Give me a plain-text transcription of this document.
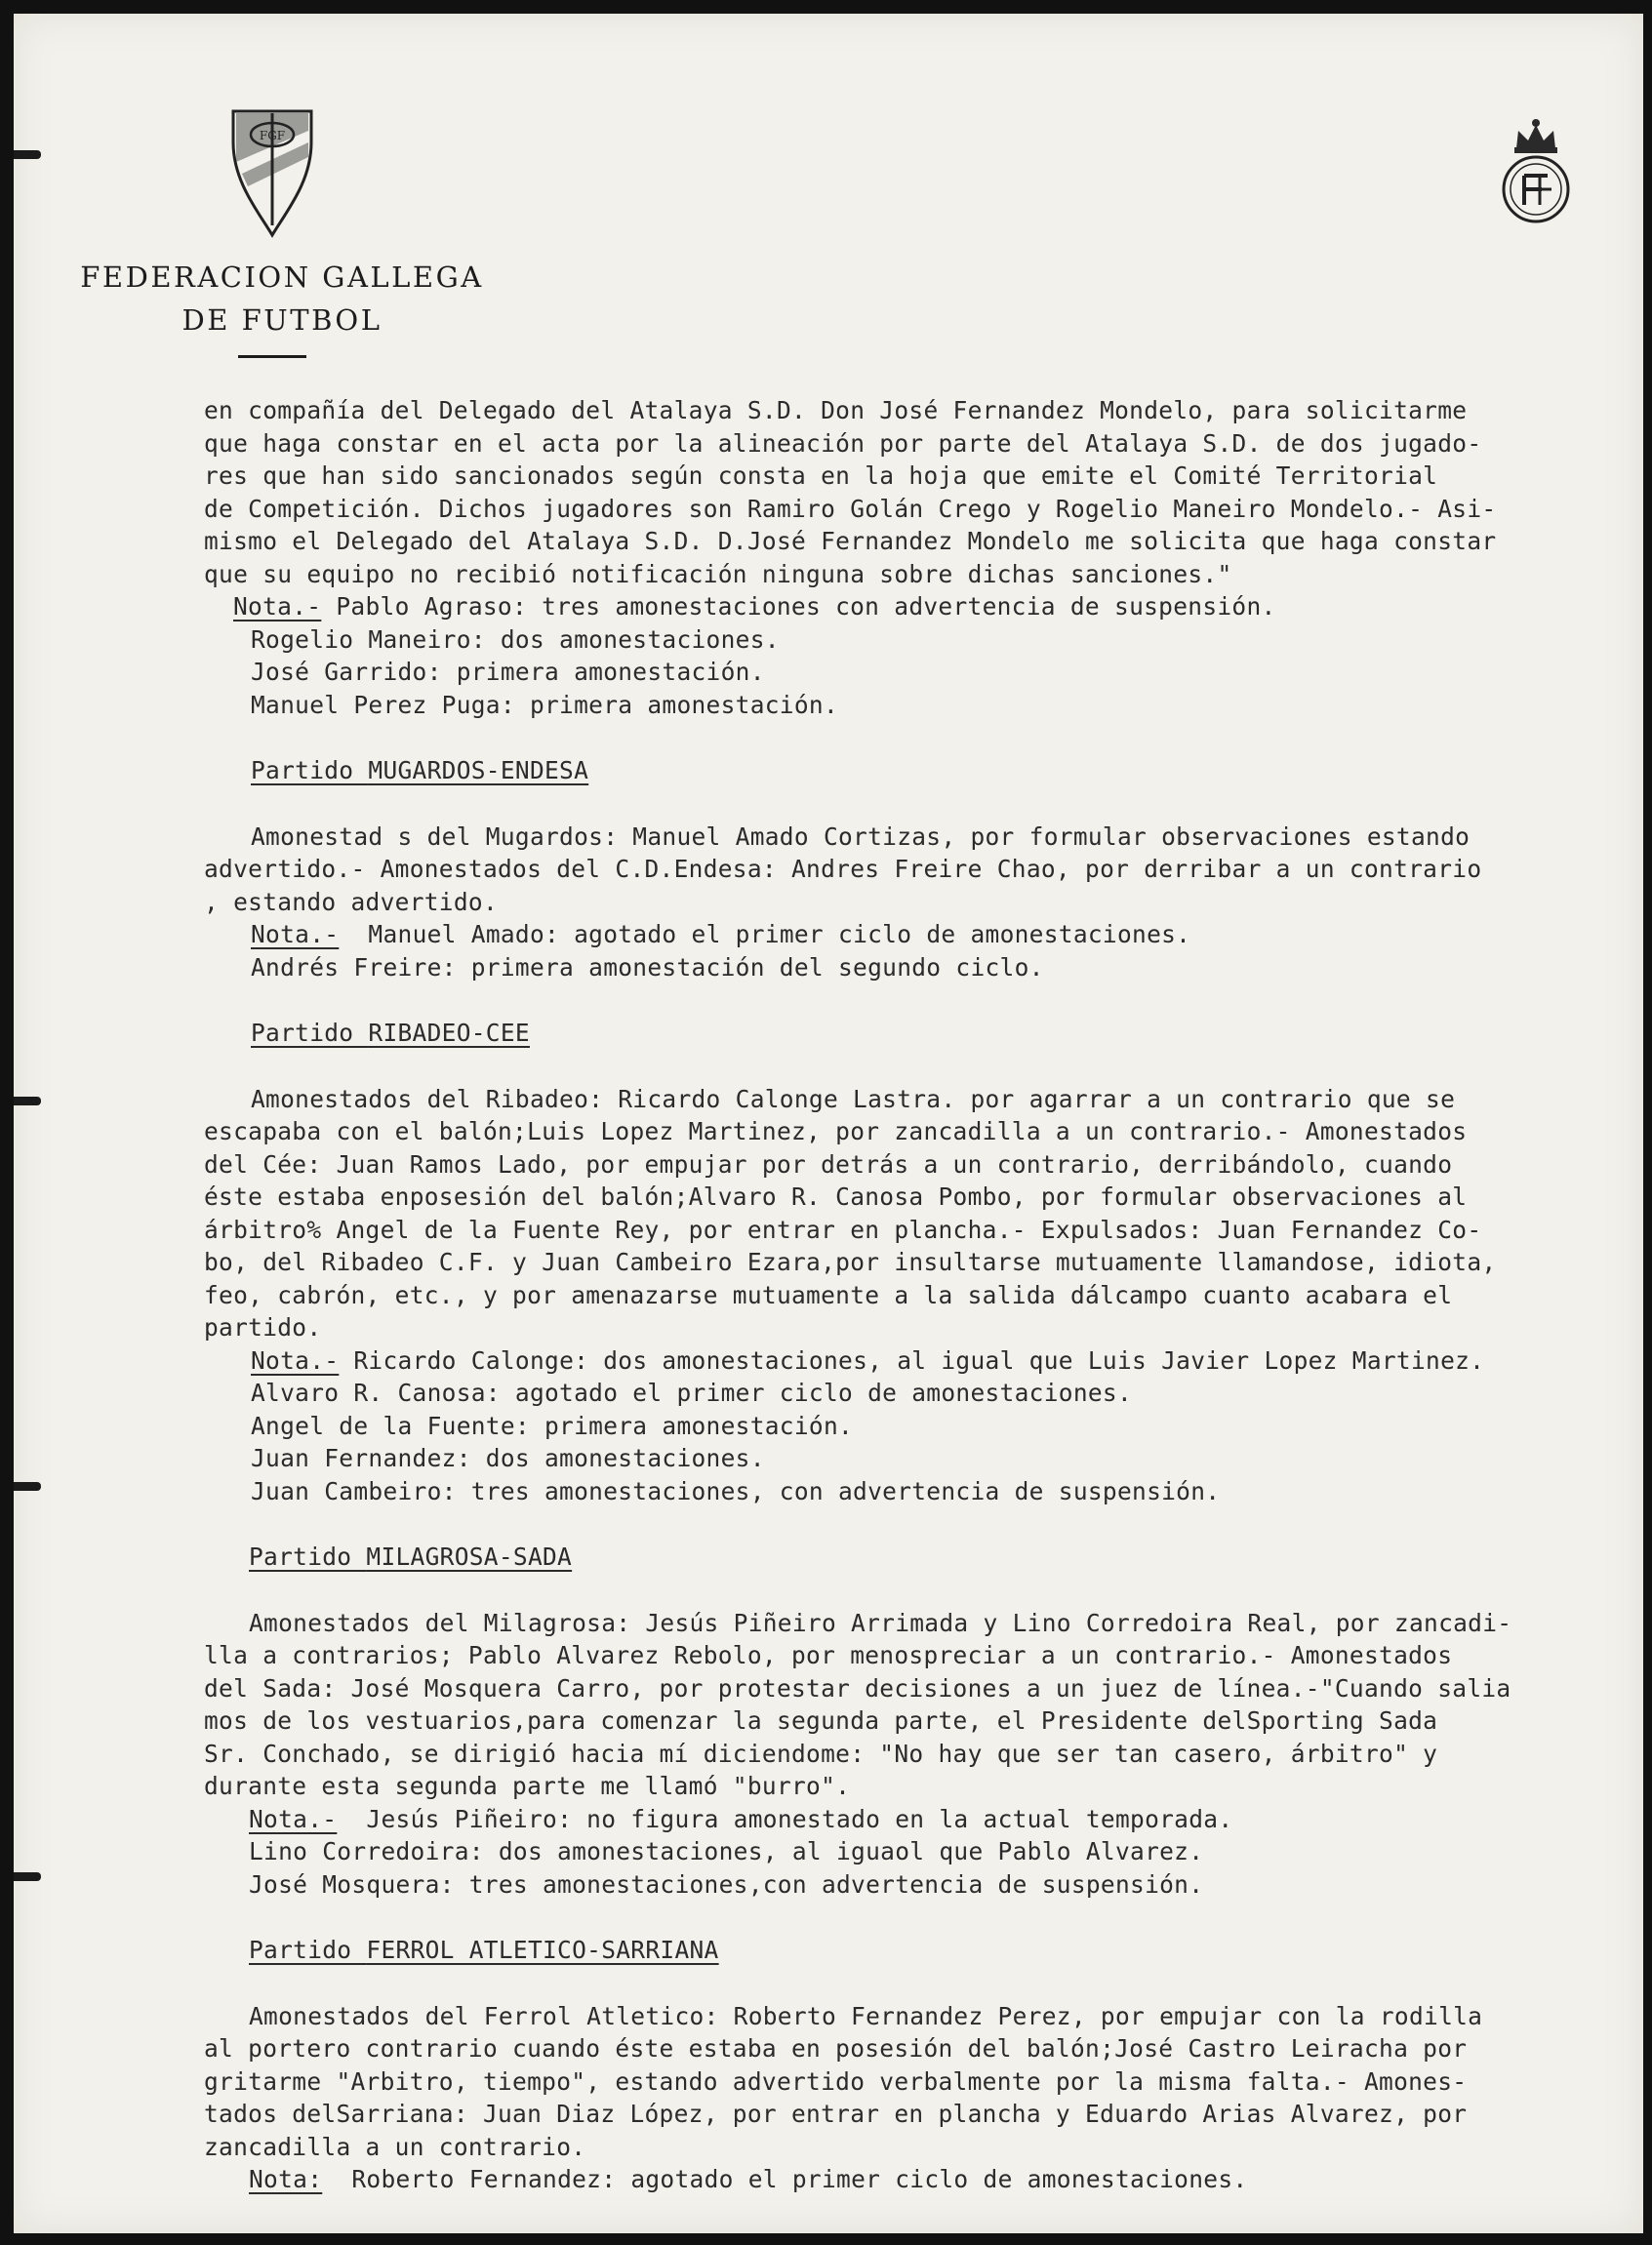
FGF
FEDERACION GALLEGA
DE FUTBOL
en compañía del Delegado del Atalaya S.D. Don José Fernandez Mondelo, para solicitarme
que haga constar en el acta por la alineación por parte del Atalaya S.D. de dos jugado-
res que han sido sancionados según consta en la hoja que emite el Comité Territorial
de Competición. Dichos jugadores son Ramiro Golán Crego y Rogelio Maneiro Mondelo.- Asi-
mismo el Delegado del Atalaya S.D. D.José Fernandez Mondelo me solicita que haga constar
que su equipo no recibió notificación ninguna sobre dichas sanciones."
Nota.- Pablo Agraso: tres amonestaciones con advertencia de suspensión.
Rogelio Maneiro: dos amonestaciones.
José Garrido: primera amonestación.
Manuel Perez Puga: primera amonestación.
Partido MUGARDOS-ENDESA
Amonestad s del Mugardos: Manuel Amado Cortizas, por formular observaciones estando
advertido.- Amonestados del C.D.Endesa: Andres Freire Chao, por derribar a un contrario
, estando advertido.
Nota.-  Manuel Amado: agotado el primer ciclo de amonestaciones.
Andrés Freire: primera amonestación del segundo ciclo.
Partido RIBADEO-CEE
Amonestados del Ribadeo: Ricardo Calonge Lastra. por agarrar a un contrario que se
escapaba con el balón;Luis Lopez Martinez, por zancadilla a un contrario.- Amonestados
del Cée: Juan Ramos Lado, por empujar por detrás a un contrario, derribándolo, cuando
éste estaba enposesión del balón;Alvaro R. Canosa Pombo, por formular observaciones al
árbitro% Angel de la Fuente Rey, por entrar en plancha.- Expulsados: Juan Fernandez Co-
bo, del Ribadeo C.F. y Juan Cambeiro Ezara,por insultarse mutuamente llamandose, idiota,
feo, cabrón, etc., y por amenazarse mutuamente a la salida dálcampo cuanto acabara el
partido.
Nota.- Ricardo Calonge: dos amonestaciones, al igual que Luis Javier Lopez Martinez.
Alvaro R. Canosa: agotado el primer ciclo de amonestaciones.
Angel de la Fuente: primera amonestación.
Juan Fernandez: dos amonestaciones.
Juan Cambeiro: tres amonestaciones, con advertencia de suspensión.
Partido MILAGROSA-SADA
Amonestados del Milagrosa: Jesús Piñeiro Arrimada y Lino Corredoira Real, por zancadi-
lla a contrarios; Pablo Alvarez Rebolo, por menospreciar a un contrario.- Amonestados
del Sada: José Mosquera Carro, por protestar decisiones a un juez de línea.-"Cuando salia
mos de los vestuarios,para comenzar la segunda parte, el Presidente delSporting Sada
Sr. Conchado, se dirigió hacia mí diciendome: "No hay que ser tan casero, árbitro" y
durante esta segunda parte me llamó "burro".
Nota.-  Jesús Piñeiro: no figura amonestado en la actual temporada.
Lino Corredoira: dos amonestaciones, al iguaol que Pablo Alvarez.
José Mosquera: tres amonestaciones,con advertencia de suspensión.
Partido FERROL ATLETICO-SARRIANA
Amonestados del Ferrol Atletico: Roberto Fernandez Perez, por empujar con la rodilla
al portero contrario cuando éste estaba en posesión del balón;José Castro Leiracha por
gritarme "Arbitro, tiempo", estando advertido verbalmente por la misma falta.- Amones-
tados delSarriana: Juan Diaz López, por entrar en plancha y Eduardo Arias Alvarez, por
zancadilla a un contrario.
Nota:  Roberto Fernandez: agotado el primer ciclo de amonestaciones.
